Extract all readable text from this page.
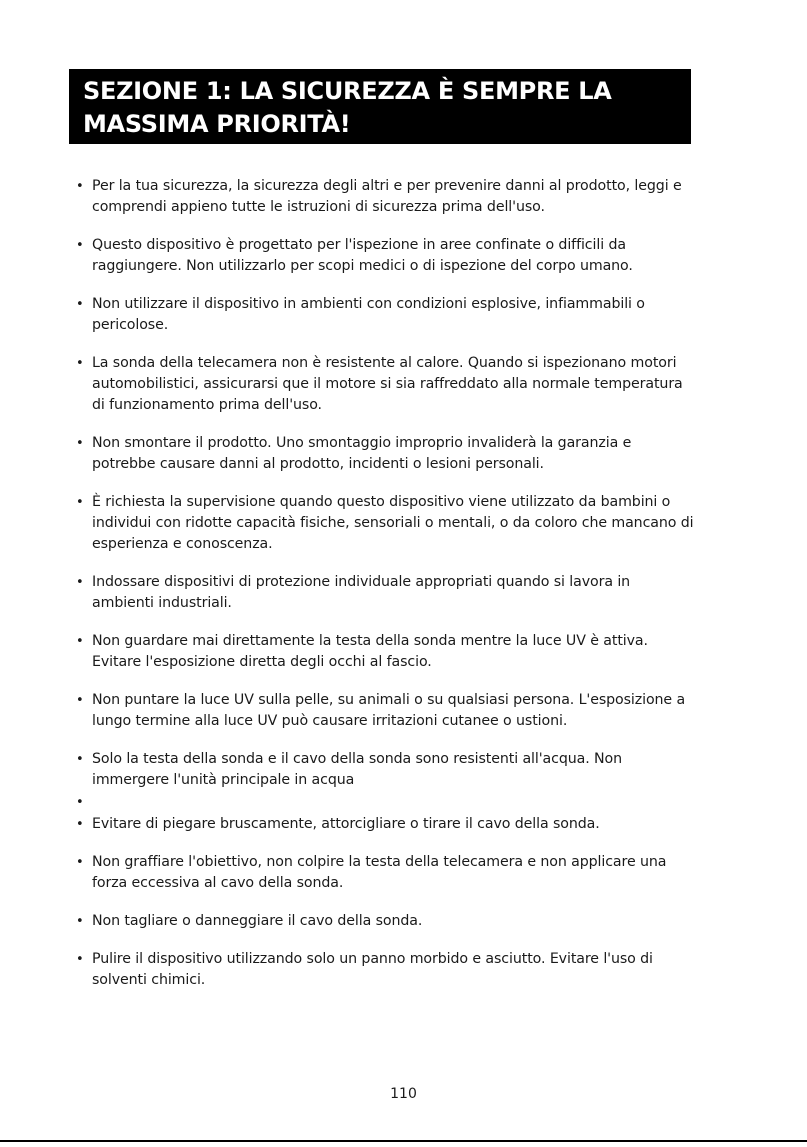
SEZIONE 1: LA SICUREZZA È SEMPRE LA
MASSIMA PRIORITÀ!
• Per la tua sicurezza, la sicurezza degli altri e per prevenire danni al prodotto, leggi e comprendi appieno tutte le istruzioni di sicurezza prima dell'uso.
• Questo dispositivo è progettato per l'ispezione in aree confinate o difficili da raggiungere. Non utilizzarlo per scopi medici o di ispezione del corpo umano.
• Non utilizzare il dispositivo in ambienti con condizioni esplosive, infiammabili o pericolose.
• La sonda della telecamera non è resistente al calore. Quando si ispezionano motori automobilistici, assicurarsi que il motore si sia raffreddato alla normale temperatura di funzionamento prima dell'uso.
• Non smontare il prodotto. Uno smontaggio improprio invaliderà la garanzia e potrebbe causare danni al prodotto, incidenti o lesioni personali.
• È richiesta la supervisione quando questo dispositivo viene utilizzato da bambini o individui con ridotte capacità fisiche, sensoriali o mentali, o da coloro che mancano di esperienza e conoscenza.
• Indossare dispositivi di protezione individuale appropriati quando si lavora in ambienti industriali.
• Non guardare mai direttamente la testa della sonda mentre la luce UV è attiva. Evitare l'esposizione diretta degli occhi al fascio.
• Non puntare la luce UV sulla pelle, su animali o su qualsiasi persona. L'esposizione a lungo termine alla luce UV può causare irritazioni cutanee o ustioni.
• Solo la testa della sonda e il cavo della sonda sono resistenti all'acqua. Non immergere l'unità principale in acqua
•
• Evitare di piegare bruscamente, attorcigliare o tirare il cavo della sonda.
• Non graffiare l'obiettivo, non colpire la testa della telecamera e non applicare una forza eccessiva al cavo della sonda.
• Non tagliare o danneggiare il cavo della sonda.
• Pulire il dispositivo utilizzando solo un panno morbido e asciutto. Evitare l'uso di solventi chimici.
110
